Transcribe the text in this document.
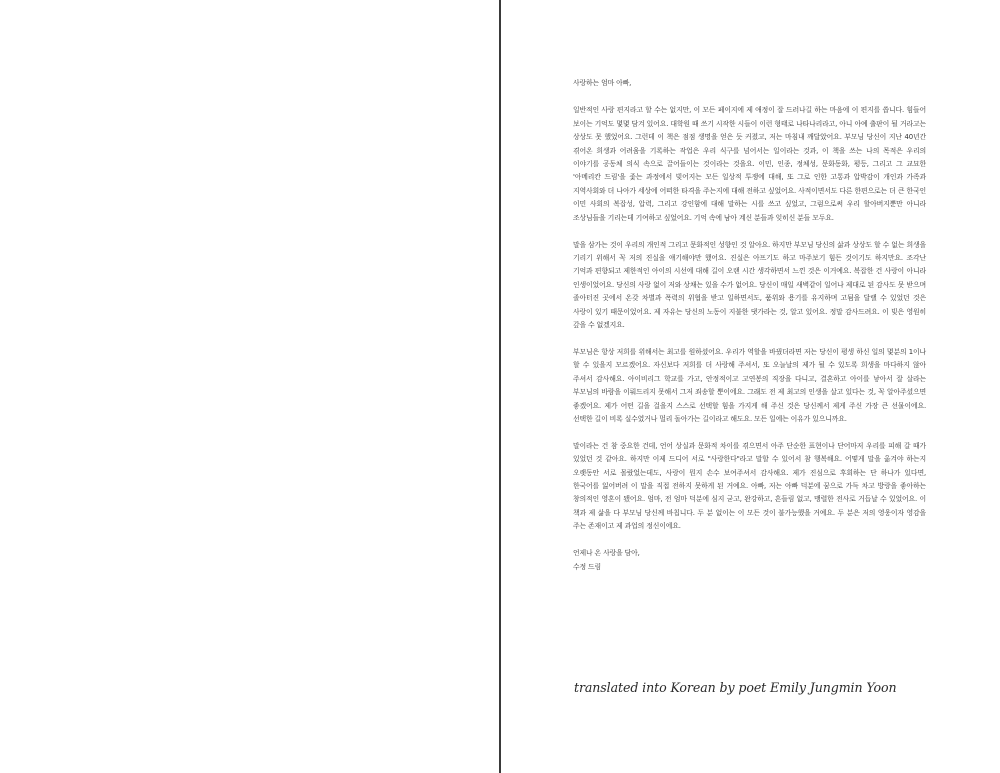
사랑하는 엄마 아빠,

일반적인 사랑 편지라고 할 수는 없지만, 이 모든 페이지에 제 애정이 잘 드러나길 하는 마음에 이 편지를 씁니다. 힘들어 보이는 기억도 몇몇 담겨 있어요. 대학원 때 쓰기 시작한 시들이 이런 형태로 나타나리라고, 아니 아예 출판이 될 거라고는 상상도 못 했었어요. 그런데 이 책은 점점 생명을 얻은 듯 커졌고, 저는 마침내 깨달았어요. 부모님 당신이 지난 40년간 겪어온 희생과 어려움을 기록하는 작업은 우리 식구를 넘어서는 일이라는 것과, 이 책을 쓰는 나의 목적은 우리의 이야기를 공동체 의식 속으로 끌어들이는 것이라는 것을요. 이민, 인종, 정체성, 문화동화, 평등, 그리고 그 교묘한 '아메리칸 드림'을 좇는 과정에서 빚어지는 모든 일상적 투쟁에 대해, 또 그로 인한 고통과 압박감이 개인과 가족과 지역사회와 더 나아가 세상에 어떠한 타격을 주는지에 대해 전하고 싶었어요. 사적이면서도 다른 한편으로는 더 큰 한국인 이민 사회의 복잡성, 압력, 그리고 강인함에 대해 말하는 시를 쓰고 싶었고, 그럼으로써 우리 할아버지뿐만 아니라 조상님들을 기리는데 기여하고 싶었어요. 기억 속에 남아 계신 분들과 잊히신 분들 모두요.

말을 삼가는 것이 우리의 개인적 그리고 문화적인 성향인 것 알아요. 하지만 부모님 당신의 삶과 상상도 할 수 없는 희생을 기리기 위해서 꼭 저의 진실을 얘기해야만 했어요. 진실은 아프기도 하고 마주보기 힘든 것이기도 하지만요. 조각난 기억과 편향되고 제한적인 아이의 시선에 대해 길이 오랜 시간 생각하면서 느낀 것은 이거예요. 복잡한 건 사랑이 아니라 인생이었어요. 당신의 사랑 없이 저와 상채는 있을 수가 없어요. 당신이 매일 새벽같이 일어나 제대로 된 감사도 못 받으며 졸아터진 곳에서 온갖 차별과 폭력의 위협을 받고 일하면서도, 품위와 용기를 유지하며 고됨을 달랠 수 있었던 것은 사랑이 있기 때문이었어요. 제 자유는 당신의 노동이 지불한 댓가라는 것, 알고 있어요. 정말 감사드려요. 이 빚은 영원히 갚을 수 없겠지요.

부모님은 항상 저희를 위해서는 최고를 원하셨어요. 우리가 역할을 바꿨더라면 저는 당신이 평생 하신 일의 몇분의 1이나 할 수 있을지 모르겠어요. 자신보다 저희를 더 사랑해 주셔서, 또 오늘날의 제가 될 수 있도록 희생을 마다하지 않아 주셔서 감사해요. 아이비리그 학교를 가고, 안정적이고 고연봉의 직장을 다니고, 결혼하고 아이를 낳아서 잘 살라는 부모님의 바람을 이뤄드리지 못해서 그저 죄송할 뿐이에요. 그래도 전 제 최고의 인생을 살고 있다는 것, 꼭 알아주셨으면 좋겠어요. 제가 어떤 길을 걸을지 스스로 선택할 힘을 가지게 해 주신 것은 당신께서 제게 주신 가장 큰 선물이에요. 선택한 길이 비록 실수였거나 멀리 돌아가는 길이라고 해도요. 모든 일에는 이유가 있으니까요.

말이라는 건 참 중요한 건데, 언어 상실과 문화적 차이를 겪으면서 아주 단순한 표현이나 단어마저 우리를 피해 갈 때가 있었던 것 같아요. 하지만 이제 드디어 서로 "사랑한다"라고 말할 수 있어서 참 행복해요. 어떻게 말을 옮겨야 하는지 오랫동안 서로 몰랐었는데도, 사랑이 뭔지 손수 보여주셔서 감사해요. 제가 진심으로 후회하는 단 하나가 있다면, 한국어를 잃어버려 이 말을 직접 전하지 못하게 된 거예요. 아빠, 저는 아빠 덕분에 꿈으로 가득 차고 방랑을 좋아하는 창의적인 영혼이 됐어요. 엄마, 전 엄마 덕분에 심지 굳고, 완강하고, 흔들림 없고, 맹렬한 전사로 거듭날 수 있었어요. 이 책과 제 삶을 다 부모님 당신께 바칩니다. 두 분 없이는 이 모든 것이 불가능했을 거예요. 두 분은 저의 영웅이자 영감을 주는 존재이고 제 과업의 정신이에요.

언제나 온 사랑을 담아,

수정 드림

translated into Korean by poet Emily Jungmin Yoon
